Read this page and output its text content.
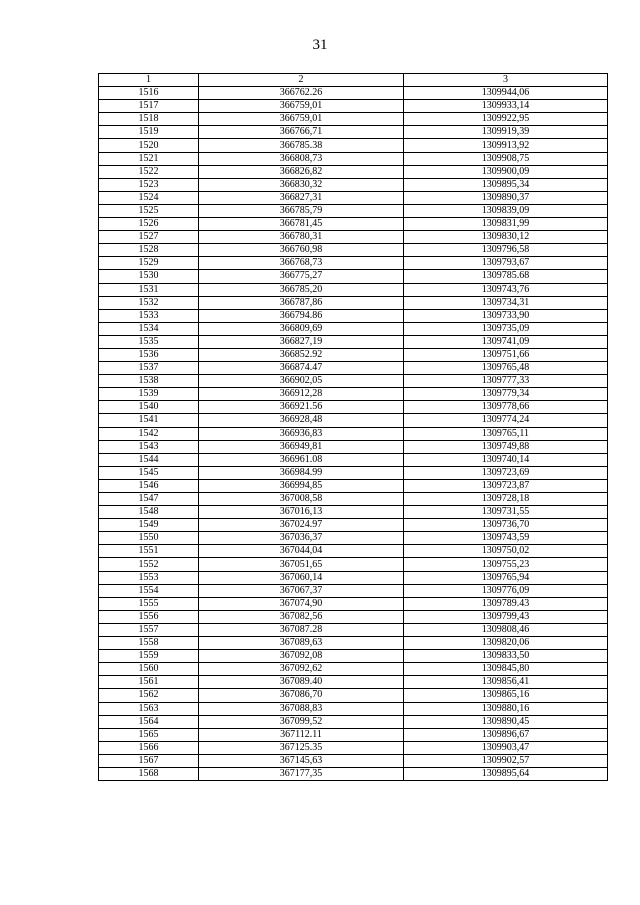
31
1	2	3
1516	366762.26	1309944,06
1517	366759,01	1309933,14
1518	366759,01	1309922,95
1519	366766,71	1309919,39
1520	366785.38	1309913,92
1521	366808,73	1309908,75
1522	366826,82	1309900,09
1523	366830,32	1309895,34
1524	366827,31	1309890,37
1525	366785,79	1309839,09
1526	366781,45	1309831,99
1527	366780,31	1309830,12
1528	366760,98	1309796,58
1529	366768,73	1309793,67
1530	366775,27	1309785.68
1531	366785,20	1309743,76
1532	366787,86	1309734,31
1533	366794.86	1309733,90
1534	366809,69	1309735,09
1535	366827,19	1309741,09
1536	366852.92	1309751,66
1537	366874.47	1309765,48
1538	366902,05	1309777,33
1539	366912,28	1309779,34
1540	366921.56	1309778,66
1541	366928,48	1309774,24
1542	366936,83	1309765,11
1543	366949,81	1309749,88
1544	366961.08	1309740,14
1545	366984.99	1309723,69
1546	366994,85	1309723,87
1547	367008,58	1309728,18
1548	367016,13	1309731,55
1549	367024.97	1309736,70
1550	367036,37	1309743,59
1551	367044,04	1309750,02
1552	367051,65	1309755,23
1553	367060,14	1309765,94
1554	367067,37	1309776,09
1555	367074,90	1309789.43
1556	367082,56	1309799,43
1557	367087.28	1309808,46
1558	367089,63	1309820,06
1559	367092,08	1309833,50
1560	367092,62	1309845,80
1561	367089.40	1309856,41
1562	367086,70	1309865,16
1563	367088,83	1309880,16
1564	367099,52	1309890,45
1565	367112.11	1309896,67
1566	367125.35	1309903,47
1567	367145,63	1309902,57
1568	367177,35	1309895,64
